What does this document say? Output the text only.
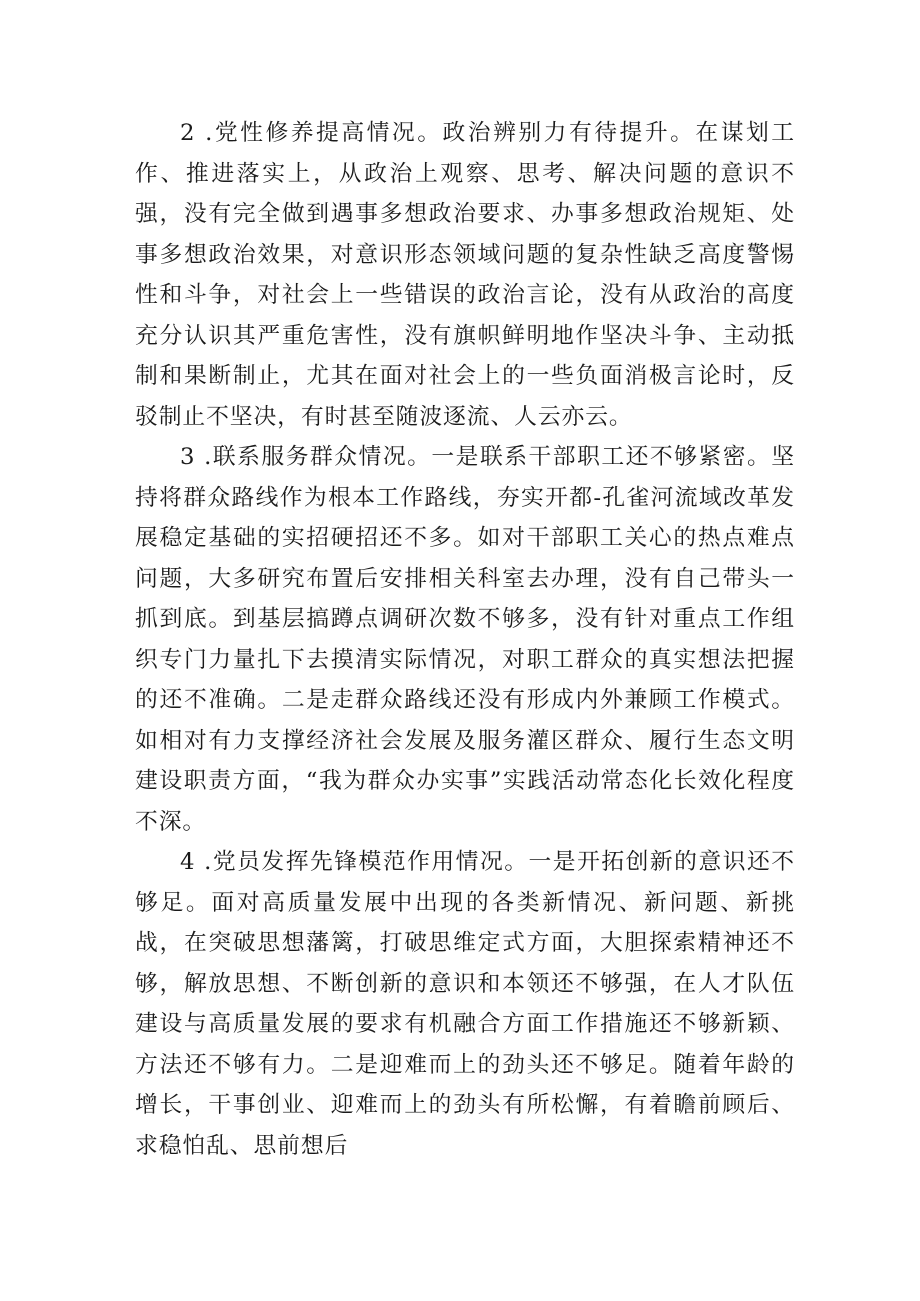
2 .党性修养提高情况。政治辨别力有待提升。在谋划工作、推进落实上，从政治上观察、思考、解决问题的意识不强，没有完全做到遇事多想政治要求、办事多想政治规矩、处事多想政治效果，对意识形态领域问题的复杂性缺乏高度警惕性和斗争，对社会上一些错误的政治言论，没有从政治的高度充分认识其严重危害性，没有旗帜鲜明地作坚决斗争、主动抵制和果断制止，尤其在面对社会上的一些负面消极言论时，反驳制止不坚决，有时甚至随波逐流、人云亦云。

3 .联系服务群众情况。一是联系干部职工还不够紧密。坚持将群众路线作为根本工作路线，夯实开都-孔雀河流域改革发展稳定基础的实招硬招还不多。如对干部职工关心的热点难点问题，大多研究布置后安排相关科室去办理，没有自己带头一抓到底。到基层搞蹲点调研次数不够多，没有针对重点工作组织专门力量扎下去摸清实际情况，对职工群众的真实想法把握的还不准确。二是走群众路线还没有形成内外兼顾工作模式。如相对有力支撑经济社会发展及服务灌区群众、履行生态文明建设职责方面，“我为群众办实事”实践活动常态化长效化程度不深。

4 .党员发挥先锋模范作用情况。一是开拓创新的意识还不够足。面对高质量发展中出现的各类新情况、新问题、新挑战，在突破思想藩篱，打破思维定式方面，大胆探索精神还不够，解放思想、不断创新的意识和本领还不够强，在人才队伍建设与高质量发展的要求有机融合方面工作措施还不够新颖、方法还不够有力。二是迎难而上的劲头还不够足。随着年龄的增长，干事创业、迎难而上的劲头有所松懈，有着瞻前顾后、求稳怕乱、思前想后
